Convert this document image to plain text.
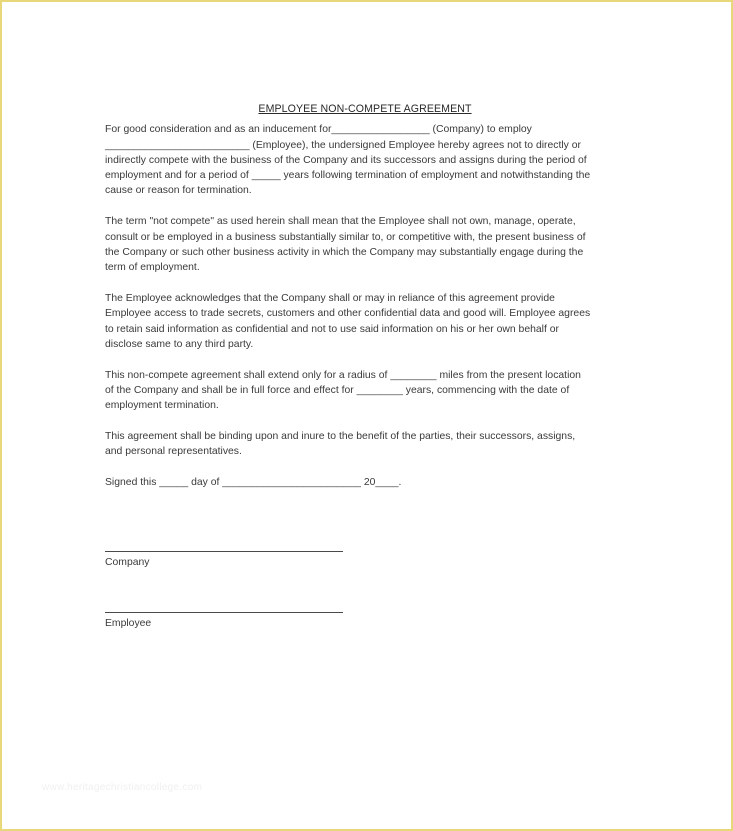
EMPLOYEE NON-COMPETE AGREEMENT

For good consideration and as an inducement for_________________ (Company) to employ
_________________________ (Employee), the undersigned Employee hereby agrees not to directly or
indirectly compete with the business of the Company and its successors and assigns during the period of
employment and for a period of _____ years following termination of employment and notwithstanding the
cause or reason for termination.

The term "not compete" as used herein shall mean that the Employee shall not own, manage, operate,
consult or be employed in a business substantially similar to, or competitive with, the present business of
the Company or such other business activity in which the Company may substantially engage during the
term of employment.

The Employee acknowledges that the Company shall or may in reliance of this agreement provide
Employee access to trade secrets, customers and other confidential data and good will. Employee agrees
to retain said information as confidential and not to use said information on his or her own behalf or
disclose same to any third party.

This non-compete agreement shall extend only for a radius of ________ miles from the present location
of the Company and shall be in full force and effect for ________ years, commencing with the date of
employment termination.

This agreement shall be binding upon and inure to the benefit of the parties, their successors, assigns,
and personal representatives.

Signed this _____ day of ________________________ 20____.

Company
Employee
www.heritagechristiancollege.com
